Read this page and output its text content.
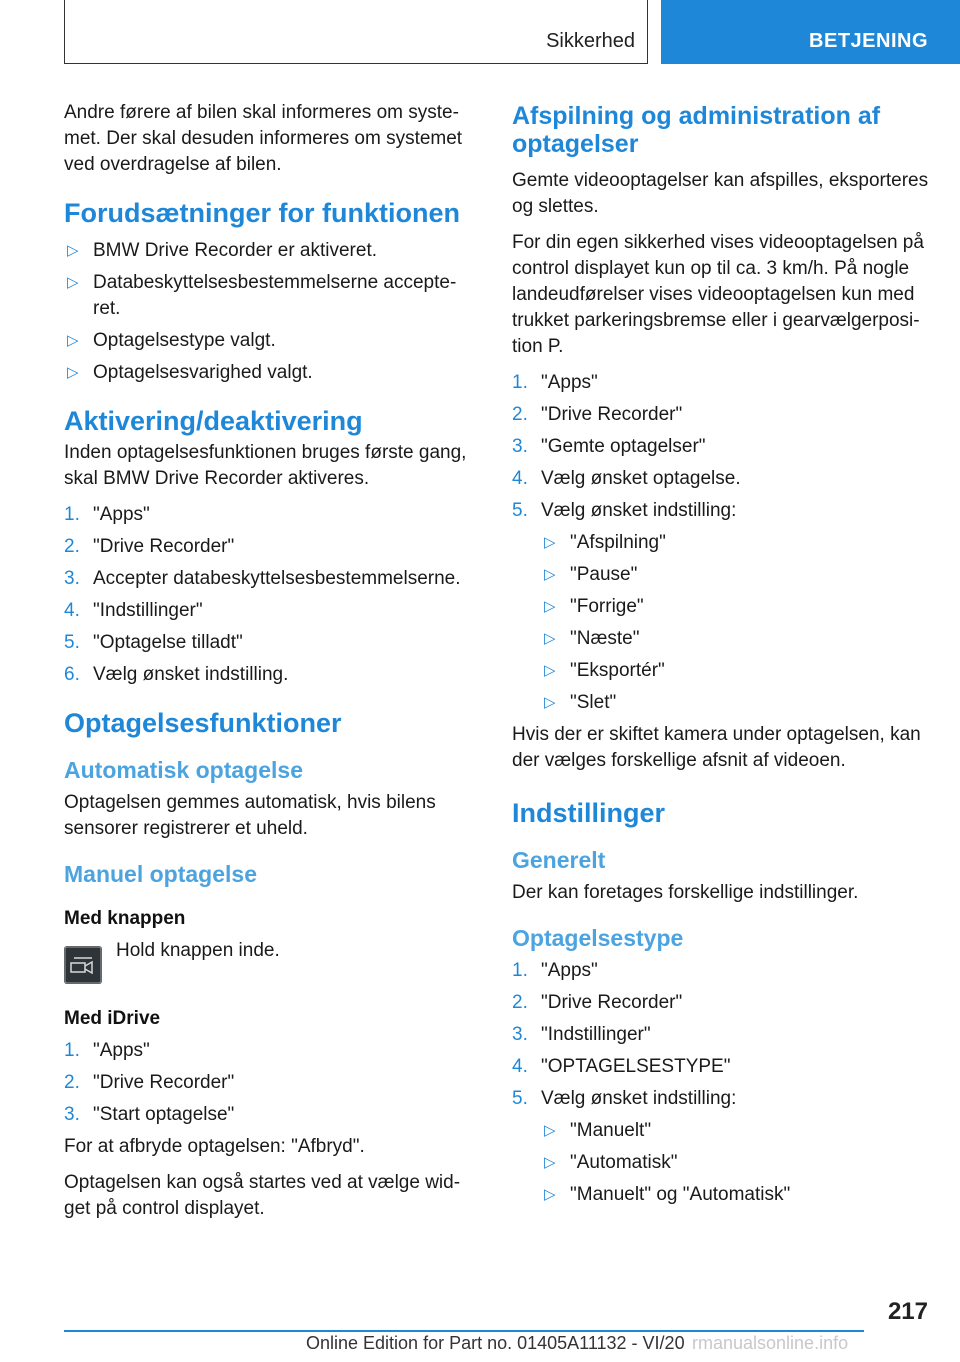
Sikkerhed	BETJENING

Andre førere af bilen skal informeres om syste-met. Der skal desuden informeres om systemet ved overdragelse af bilen.

Forudsætninger for funktionen
▷ BMW Drive Recorder er aktiveret.
▷ Databeskyttelsesbestemmelserne accepte-ret.
▷ Optagelsestype valgt.
▷ Optagelsesvarighed valgt.
Aktivering/deaktivering

Inden optagelsesfunktionen bruges første gang, skal BMW Drive Recorder aktiveres.

1. "Apps"
2. "Drive Recorder"
3. Accepter databeskyttelsesbestemmelserne.
4. "Indstillinger"
5. "Optagelse tilladt"
6. Vælg ønsket indstilling.
Optagelsesfunktioner
Automatisk optagelse

Optagelsen gemmes automatisk, hvis bilens sensorer registrerer et uheld.

Manuel optagelse
Med knappen
Hold knappen inde.
Med iDrive
1. "Apps"
2. "Drive Recorder"
3. "Start optagelse"

For at afbryde optagelsen: "Afbryd".

Optagelsen kan også startes ved at vælge wid-get på control displayet.

Afspilning og administration af optagelser

Gemte videooptagelser kan afspilles, eksporteres og slettes.

For din egen sikkerhed vises videooptagelsen på control displayet kun op til ca. 3 km/h. På nogle landeudførelser vises videooptagelsen kun med trukket parkeringsbremse eller i gearvælgerposi-tion P.

1. "Apps"
2. "Drive Recorder"
3. "Gemte optagelser"
4. Vælg ønsket optagelse.
5. Vælg ønsket indstilling:
▷ "Afspilning"
▷ "Pause"
▷ "Forrige"
▷ "Næste"
▷ "Eksportér"
▷ "Slet"

Hvis der er skiftet kamera under optagelsen, kan der vælges forskellige afsnit af videoen.

Indstillinger
Generelt

Der kan foretages forskellige indstillinger.

Optagelsestype
1. "Apps"
2. "Drive Recorder"
3. "Indstillinger"
4. "OPTAGELSESTYPE"
5. Vælg ønsket indstilling:
▷ "Manuelt"
▷ "Automatisk"
▷ "Manuelt" og "Automatisk"
217
Online Edition for Part no. 01405A11132 - VI/20 rmanualsonline.info
